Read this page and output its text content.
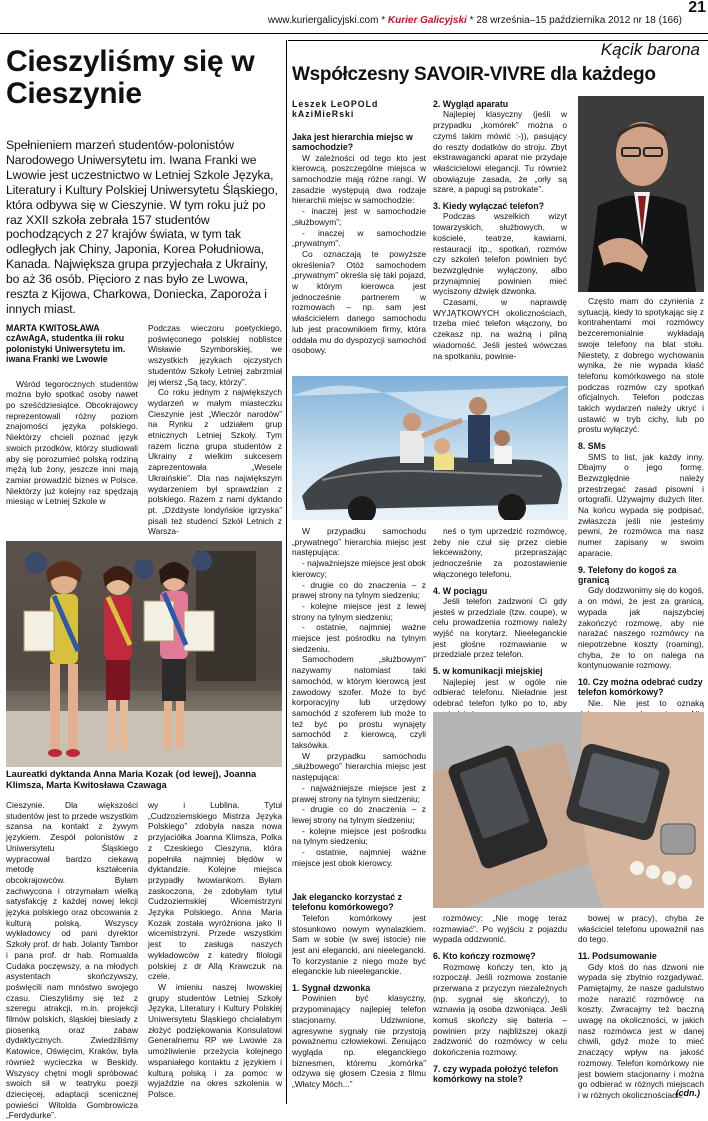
www.kuriergalicyjski.com * Kurier Galicyjski * 28 września–15 października 2012 nr 18 (166)
21
Cieszyliśmy się w Cieszynie

Spełnieniem marzeń studentów-polonistów Narodowego Uniwersytetu im. Iwana Franki we Lwowie jest uczestnictwo w Letniej Szkole Języka, Literatury i Kultury Polskiej Uniwersytetu Śląskiego, która odbywa się w Cieszynie. W tym roku już po raz XXII szkoła zebrała 157 studentów pochodzących z 27 krajów świata, w tym tak odległych jak Chiny, Japonia, Korea Południowa, Kanada. Największa grupa przyjechała z Ukrainy, bo aż 36 osób. Pięcioro z nas było ze Lwowa, reszta z Kijowa, Charkowa, Doniecka, Zaporoża i innych miast.

MARTA KWITOSŁAWA
czAwAgA, studentka iii roku polonistyki Uniwersytetu im. iwana Franki we Lwowie

Wśród tegorocznych studentów można było spotkać osoby nawet po sześćdziesiątce. Obcokrajowcy reprezentowali różny poziom znajomości języka polskiego. Niektórzy chcieli poznać język swoich przodków, którzy studiowali aby się porozumieć polską rodziną mężą lub żony, jeszcze inni mają zamiar prowadzić biznes w Polsce. Niektórzy już kolejny raz spędzają miesiąc w Letniej Szkole w

Podczas wieczoru poetyckiego, poświęconego polskiej noblistce Wisławie Szymborskiej, we wszystkich językach ojczystych studentów Szkoły Letniej zabrzmiał jej wiersz „Są tacy, którzy”.

Co roku jednym z największych wydarzeń w małym miasteczku Cieszynie jest „Wieczór narodów” na Rynku z udziałem grup etnicznych Letniej Szkoły. Tym razem liczna grupa studentów z Ukrainy z wielkim sukcesem zaprezentowała „Wesele Ukraińskie”. Dla nas największym wydarzeniem był sprawdzian z polskiego. Razem z nami dyktando pt. „Dżdżyste londyńskie igrzyska” pisali też studenci Szkół Letnich z Warsza-

Laureatki dyktanda Anna Maria Kozak (od lewej), Joanna Klimsza, Marta Kwitosława Czawaga

Cieszynie. Dla większości studentów jest to przede wszystkim szansa na kontakt z żywym językiem. Zespół polonistów z Uniwersytetu Śląskiego wypracował bardzo ciekawą metodę kształcenia obcokrajowców. Byłam zachwycona i otrzymałam wielką satysfakcję z każdej nowej lekcji języka polskiego oraz obcowania z kulturą polską. Wszyscy wykładowcy od pani dyrektor Szkoły prof. dr hab. Jolanty Tambor i pana prof. dr hab. Romualda Cudaka poczęwszy, a na młodych asystentach skończywszy, poświęcili nam mnóstwo swojego czasu. Cieszyliśmy się też z szeregu atrakcji, m.in. projekcji filmów polskich, śląskiej biesiady z piosenką oraz zabaw dydaktycznych. Zwiedziliśmy Katowice, Oświęcim, Kraków, była również wycieczka w Beskidy. Wszyscy chętni mogli spróbować swoich sił w teatryku poezji dziecięcej, adaptacji scenicznej powieści Witolda Gombrowicza „Ferdydurke”.

wy i Lublina. Tytuł „Cudzoziemskiego Mistrza Języka Polskiego” zdobyła nasza nowa przyjaciółka Joanna Klimsza, Polka z Czeskiego Cieszyna, która popełniła najmniej błędów w dyktandzie. Kolejne miejsca przypadły lwowiankom. Byłam zaskoczona, że zdobyłam tytuł Cudzoziemskiej Wicemistrzyni Języka Polskiego. Anna Maria Kozak została wyróżniona jako II wicemistrzyni. Przede wszystkim jest to zasługa naszych wykładowców z katedry filologii polskiej z dr Allą Krawczuk na czele.

W imieniu naszej lwowskiej grupy studentów Letniej Szkoły Języka, Literatury i Kultury Polskiej Uniwersytetu Śląskiego chciałabym złożyć podziękowania Konsulatowi Generalnemu RP we Lwowie za umożliwienie przeżycia kolejnego wspaniałego kontaktu z językiem i kulturą polską i za pomoc w wyjaździe na okres szkolenia w Polsce.

Kącik barona
Współczesny SAVOIR-VIVRE dla każdego
Leszek LeOPOLd
kAziMieRski
Jaka jest hierarchia miejsc w samochodzie?

W zależności od tego kto jest kierowcą, poszczególne miejsca w samochodzie mają różne rangi. W zasadzie występują dwa rodzaje hierarchii miejsc w samochodzie:

- inaczej jest w samochodzie „służbowym”;

- inaczej w samochodzie „prywatnym”.

Co oznaczają te powyższe określenia? Otóż samochodem „prywatnym” określa się taki pojazd, w którym kierowca jest jednocześnie partnerem w rozmowach – np. sam jest właścicielem danego samochodu lub jest pracownikiem firmy, która oddała mu do dyspozycji samochód osobowy.

2. Wygląd aparatu

Najlepiej klasyczny (jeśli w przypadku „komórek” można o czymś takim mówić :-)), pasujący do reszty dodatków do stroju. Zbyt ekstrawagancki aparat nie przydaje właścicielowi elegancji. Tu również obowiązuje zasada, że „orły są szare, a papugi są pstrokate”.

3. Kiedy wyłączać telefon?

Podczas wszelkich wizyt towarzyskich, służbowych, w kościele, teatrze, kawiarni, restauracji itp., spotkań, rozmów czy szkoleń telefon powinien być bezwzględnie wyłączony, albo przynajmniej powinien mieć wyciszony dźwięk dzwonka.

Czasami, w naprawdę WYJĄTKOWYCH okolicznościach, trzeba mieć telefon włączony, bo czekasz np. na ważną i pilną wiadomość. Jeśli jesteś wówczas na spotkaniu, powinie-

Często mam do czynienia z sytuacją, kiedy to spotykając się z kontrahentami moi rozmówcy bezceremonialnie wykładają swoje telefony na blat stołu. Niestety, z dobrego wychowania wynika, że nie wypada kłaść telefonu komórkowego na stole podczas rozmów czy spotkań oficjalnych. Telefon podczas takich wydarzeń należy ukryć i ustawić w tryb cichy, lub po prostu wyłączyć.

8. SMs

SMS to list, jak każdy inny. Dbajmy o jego formę. Bezwzględnie należy przestrzegać zasad pisowni i ortografii. Używajmy dużych liter. Na końcu wypada się podpisać, zwłaszcza jeśli nie jesteśmy pewni, że rozmówca ma nasz numer zapisany w swoim aparacie.

9. Telefony do kogoś za granicą

Gdy dodzwonimy się do kogoś, a on mówi, że jest za granicą, wypada jak najszybciej zakończyć rozmowę, aby nie narażać naszego rozmówcy na niepotrzebne koszty (roaming), chyba, że to on nalega na kontynuowanie rozmowy.

10. Czy można odebrać cudzy telefon komórkowy?

Nie. Nie jest to oznaką

W przypadku samochodu „prywatnego” hierarchia miejsc jest następująca:

- najważniejsze miejsce jest obok kierowcy;

- drugie co do znaczenia – z prawej strony na tylnym siedzeniu;

- kolejne miejsce jest z lewej strony na tylnym siedzeniu;

- ostatnie, najmniej ważne miejsce jest pośrodku na tylnym siedzeniu.

Samochodem „służbowym” nazywamy natomiast taki samochód, w którym kierowcą jest zawodowy szofer. Może to być korporacyjny lub urzędowy samochód z szoferem lub może to też być po prostu wynajęty samochód z kierowcą, czyli taksówka.

W przypadku samochodu „służbowego” hierarchia miejsc jest następująca:

- najważniejsze miejsce jest z prawej strony na tylnym siedzeniu;

- drugie co do znaczenia – z lewej strony na tylnym siedzeniu;

- kolejne miejsce jest pośrodku na tylnym siedzeniu;

- ostatnie, najmniej ważne miejsce jest obok kierowcy.

neś o tym uprzedzić rozmówcę, żeby nie czuł się przez ciebie lekceważony, przepraszając jednocześnie za pozostawienie włączonego telefonu.

4. W pociągu

Jeśli telefon zadzwoni Ci gdy jesteś w przedziale (tzw. coupe), w celu prowadzenia rozmowy należy wyjść na korytarz. Nieeleganckie jest głośne rozmawianie w przedziale przez telefon.

5. w komunikacji miejskiej

Najlepiej jest w ogóle nie odbierać telefonu. Nieładnie jest odebrać telefon tylko po to, aby

Jak elegancko korzystać z telefonu komórkowego?

Telefon komórkowy jest stosunkowo nowym wynalazkiem. Sam w sobie (w swej istocie) nie jest ani elegancki, ani nieelegancki. To korzystanie z niego może być eleganckie lub nieeleganckie.

1. Sygnał dzwonka

Powinien być klasyczny, przypominający najlepiej telefon stacjonarny. Udziwnione, agresywne sygnały nie przystoją poważnemu człowiekowi. Żenująco wygląda np. eleganckiego biznesmen, któremu „komórka” odzywa się głosem Czesia z filmu „Włatcy Móch...”

rozmówcy: „Nie mogę teraz rozmawiać”. Po wyjściu z pojazdu wypada oddzwonić.

6. Kto kończy rozmowę?

Rozmowę kończy ten, kto ją rozpoczął. Jeśli rozmowa zostanie przerwana z przyczyn niezależnych (np. sygnał się skończy), to wznawia ją osoba dzwoniąca. Jeśli komuś skończy się bateria – powinien przy najbliższej okazji zadzwonić do rozmówcy w celu dokończenia rozmowy.

7. czy wypada położyć telefon komórkowy na stole?

bowej w pracy), chyba że właściciel telefonu upoważnił nas do tego.

11. Podsumowanie

Gdy ktoś do nas dzwoni nie wypada się zbytnio rozgadywać. Pamiętajmy, że nasze gadulstwo może narazić rozmówcę na koszty. Zwracajmy też baczną uwagę na okoliczności, w jakich nasz rozmówca jest w danej chwili, gdyż może to mieć znaczący wpływ na jakość rozmowy. Telefon komórkowy nie jest bowiem stacjonarny i można go odbierać w różnych miejscach i w różnych okolicznościach.

(cdn.)
